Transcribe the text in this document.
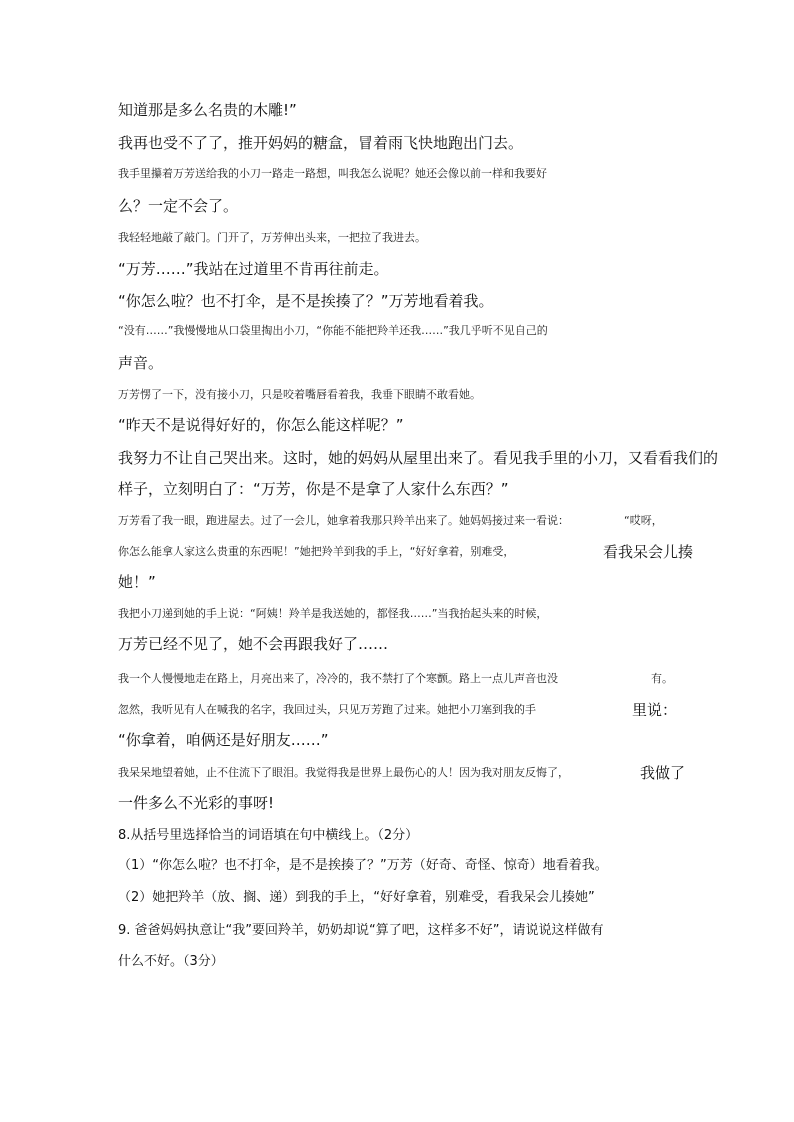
知道那是多么名贵的木雕!”
我再也受不了了，推开妈妈的糖盒，冒着雨飞快地跑出门去。
我手里攥着万芳送给我的小刀一路走一路想，叫我怎么说呢？她还会像以前一样和我要好
么？一定不会了。
我轻轻地敲了敲门。门开了，万芳伸出头来，一把拉了我进去。
“万芳……”我站在过道里不肯再往前走。
“你怎么啦？也不打伞，是不是挨揍了？”万芳地看着我。
“没有……”我慢慢地从口袋里掏出小刀，“你能不能把羚羊还我……”我几乎听不见自己的
声音。
万芳愣了一下，没有接小刀，只是咬着嘴唇看着我，我垂下眼睛不敢看她。
“昨天不是说得好好的，你怎么能这样呢？”
我努力不让自己哭出来。这时，她的妈妈从屋里出来了。看见我手里的小刀，又看看我们的
样子，立刻明白了：“万芳，你是不是拿了人家什么东西？”
万芳看了我一眼，跑进屋去。过了一会儿，她拿着我那只羚羊出来了。她妈妈接过来一看说：	“哎呀，
你怎么能拿人家这么贵重的东西呢！”她把羚羊到我的手上，“好好拿着，别难受，	看我呆会儿揍
她！”
我把小刀递到她的手上说：“阿姨！羚羊是我送她的，都怪我……”当我抬起头来的时候，
万芳已经不见了，她不会再跟我好了……
我一个人慢慢地走在路上，月亮出来了，冷冷的，我不禁打了个寒颤。路上一点儿声音也没	有。
忽然，我听见有人在喊我的名字，我回过头，只见万芳跑了过来。她把小刀塞到我的手	里说：
“你拿着，咱俩还是好朋友……”
我呆呆地望着她，止不住流下了眼泪。我觉得我是世界上最伤心的人！因为我对朋友反悔了，	我做了
一件多么不光彩的事呀!
8.从括号里选择恰当的词语填在句中横线上。（2分）
（1）“你怎么啦？也不打伞，是不是挨揍了？”万芳（好奇、奇怪、惊奇）地看着我。
（2）她把羚羊（放、搁、递）到我的手上，“好好拿着，别难受，看我呆会儿揍她”
9. 爸爸妈妈执意让“我”要回羚羊，奶奶却说“算了吧，这样多不好”，请说说这样做有
什么不好。（3分）
